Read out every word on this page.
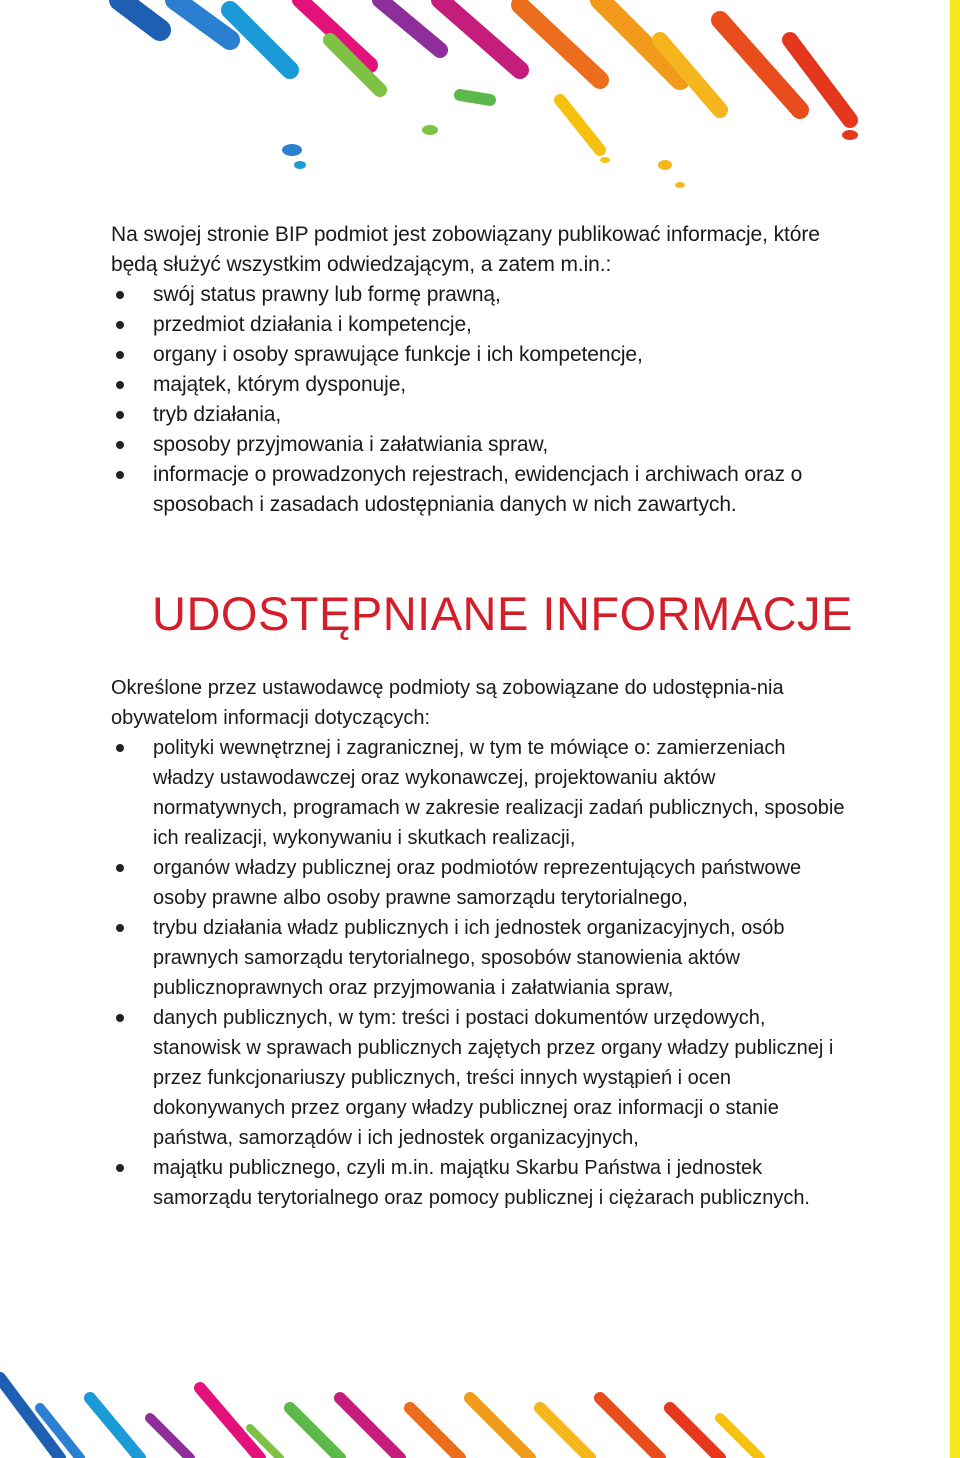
Na swojej stronie BIP podmiot jest zobowiązany publikować informacje, które będą służyć wszystkim odwiedzającym, a zatem m.in.:

swój status prawny lub formę prawną,
przedmiot działania i kompetencje,
organy i osoby sprawujące funkcje i ich kompetencje,
majątek, którym dysponuje,
tryb działania,
sposoby przyjmowania i załatwiania spraw,
informacje o prowadzonych rejestrach, ewidencjach i archiwach oraz o sposobach i zasadach udostępniania danych w nich zawartych.
UDOSTĘPNIANE INFORMACJE

Określone przez ustawodawcę podmioty są zobowiązane do udostępnia-nia obywatelom informacji dotyczących:

polityki wewnętrznej i zagranicznej, w tym te mówiące o: zamierzeniach władzy ustawodawczej oraz wykonawczej, projektowaniu aktów normatywnych, programach w zakresie realizacji zadań publicznych, sposobie ich realizacji, wykonywaniu i skutkach realizacji,
organów władzy publicznej oraz podmiotów reprezentujących państwowe osoby prawne albo osoby prawne samorządu terytorialnego,
trybu działania władz publicznych i ich jednostek organizacyjnych, osób prawnych samorządu terytorialnego, sposobów stanowienia aktów publicznoprawnych oraz przyjmowania i załatwiania spraw,
danych publicznych, w tym: treści i postaci dokumentów urzędowych, stanowisk w sprawach publicznych zajętych przez organy władzy publicznej i przez funkcjonariuszy publicznych, treści innych wystąpień i ocen dokonywanych przez organy władzy publicznej oraz informacji o stanie państwa, samorządów i ich jednostek organizacyjnych,
majątku publicznego, czyli m.in. majątku Skarbu Państwa i jednostek samorządu terytorialnego oraz pomocy publicznej i ciężarach publicznych.
